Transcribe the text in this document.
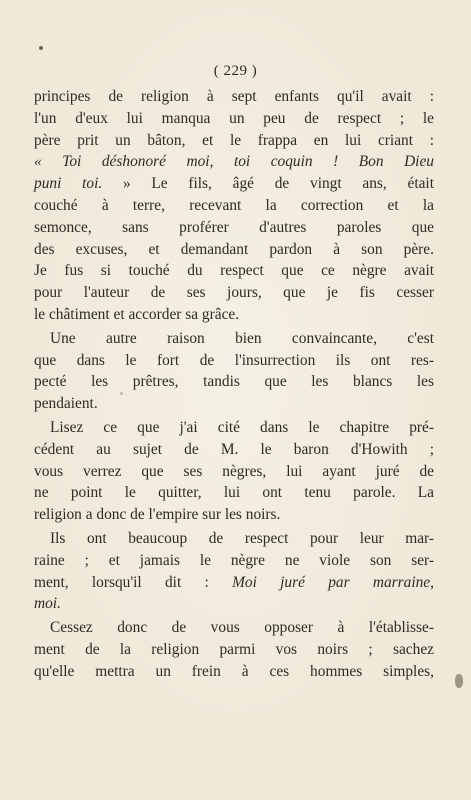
( 229 )
principes de religion à sept enfants qu'il avait :
l'un d'eux lui manqua un peu de respect ; le
père prit un bâton, et le frappa en lui criant :
« Toi déshonoré moi, toi coquin ! Bon Dieu
puni toi. » Le fils, âgé de vingt ans, était
couché à terre, recevant la correction et la
semonce, sans proférer d'autres paroles que
des excuses, et demandant pardon à son père.
Je fus si touché du respect que ce nègre avait
pour l'auteur de ses jours, que je fis cesser
le châtiment et accorder sa grâce.
Une autre raison bien convaincante, c'est
que dans le fort de l'insurrection ils ont res-
pecté les prêtres, tandis que les blancs les
pendaient.
Lisez ce que j'ai cité dans le chapitre pré-
cédent au sujet de M. le baron d'Howith ;
vous verrez que ses nègres, lui ayant juré de
ne point le quitter, lui ont tenu parole. La
religion a donc de l'empire sur les noirs.
Ils ont beaucoup de respect pour leur mar-
raine ; et jamais le nègre ne viole son ser-
ment, lorsqu'il dit : Moi juré par marraine,
moi.
Cessez donc de vous opposer à l'établisse-
ment de la religion parmi vos noirs ; sachez
qu'elle mettra un frein à ces hommes simples,
